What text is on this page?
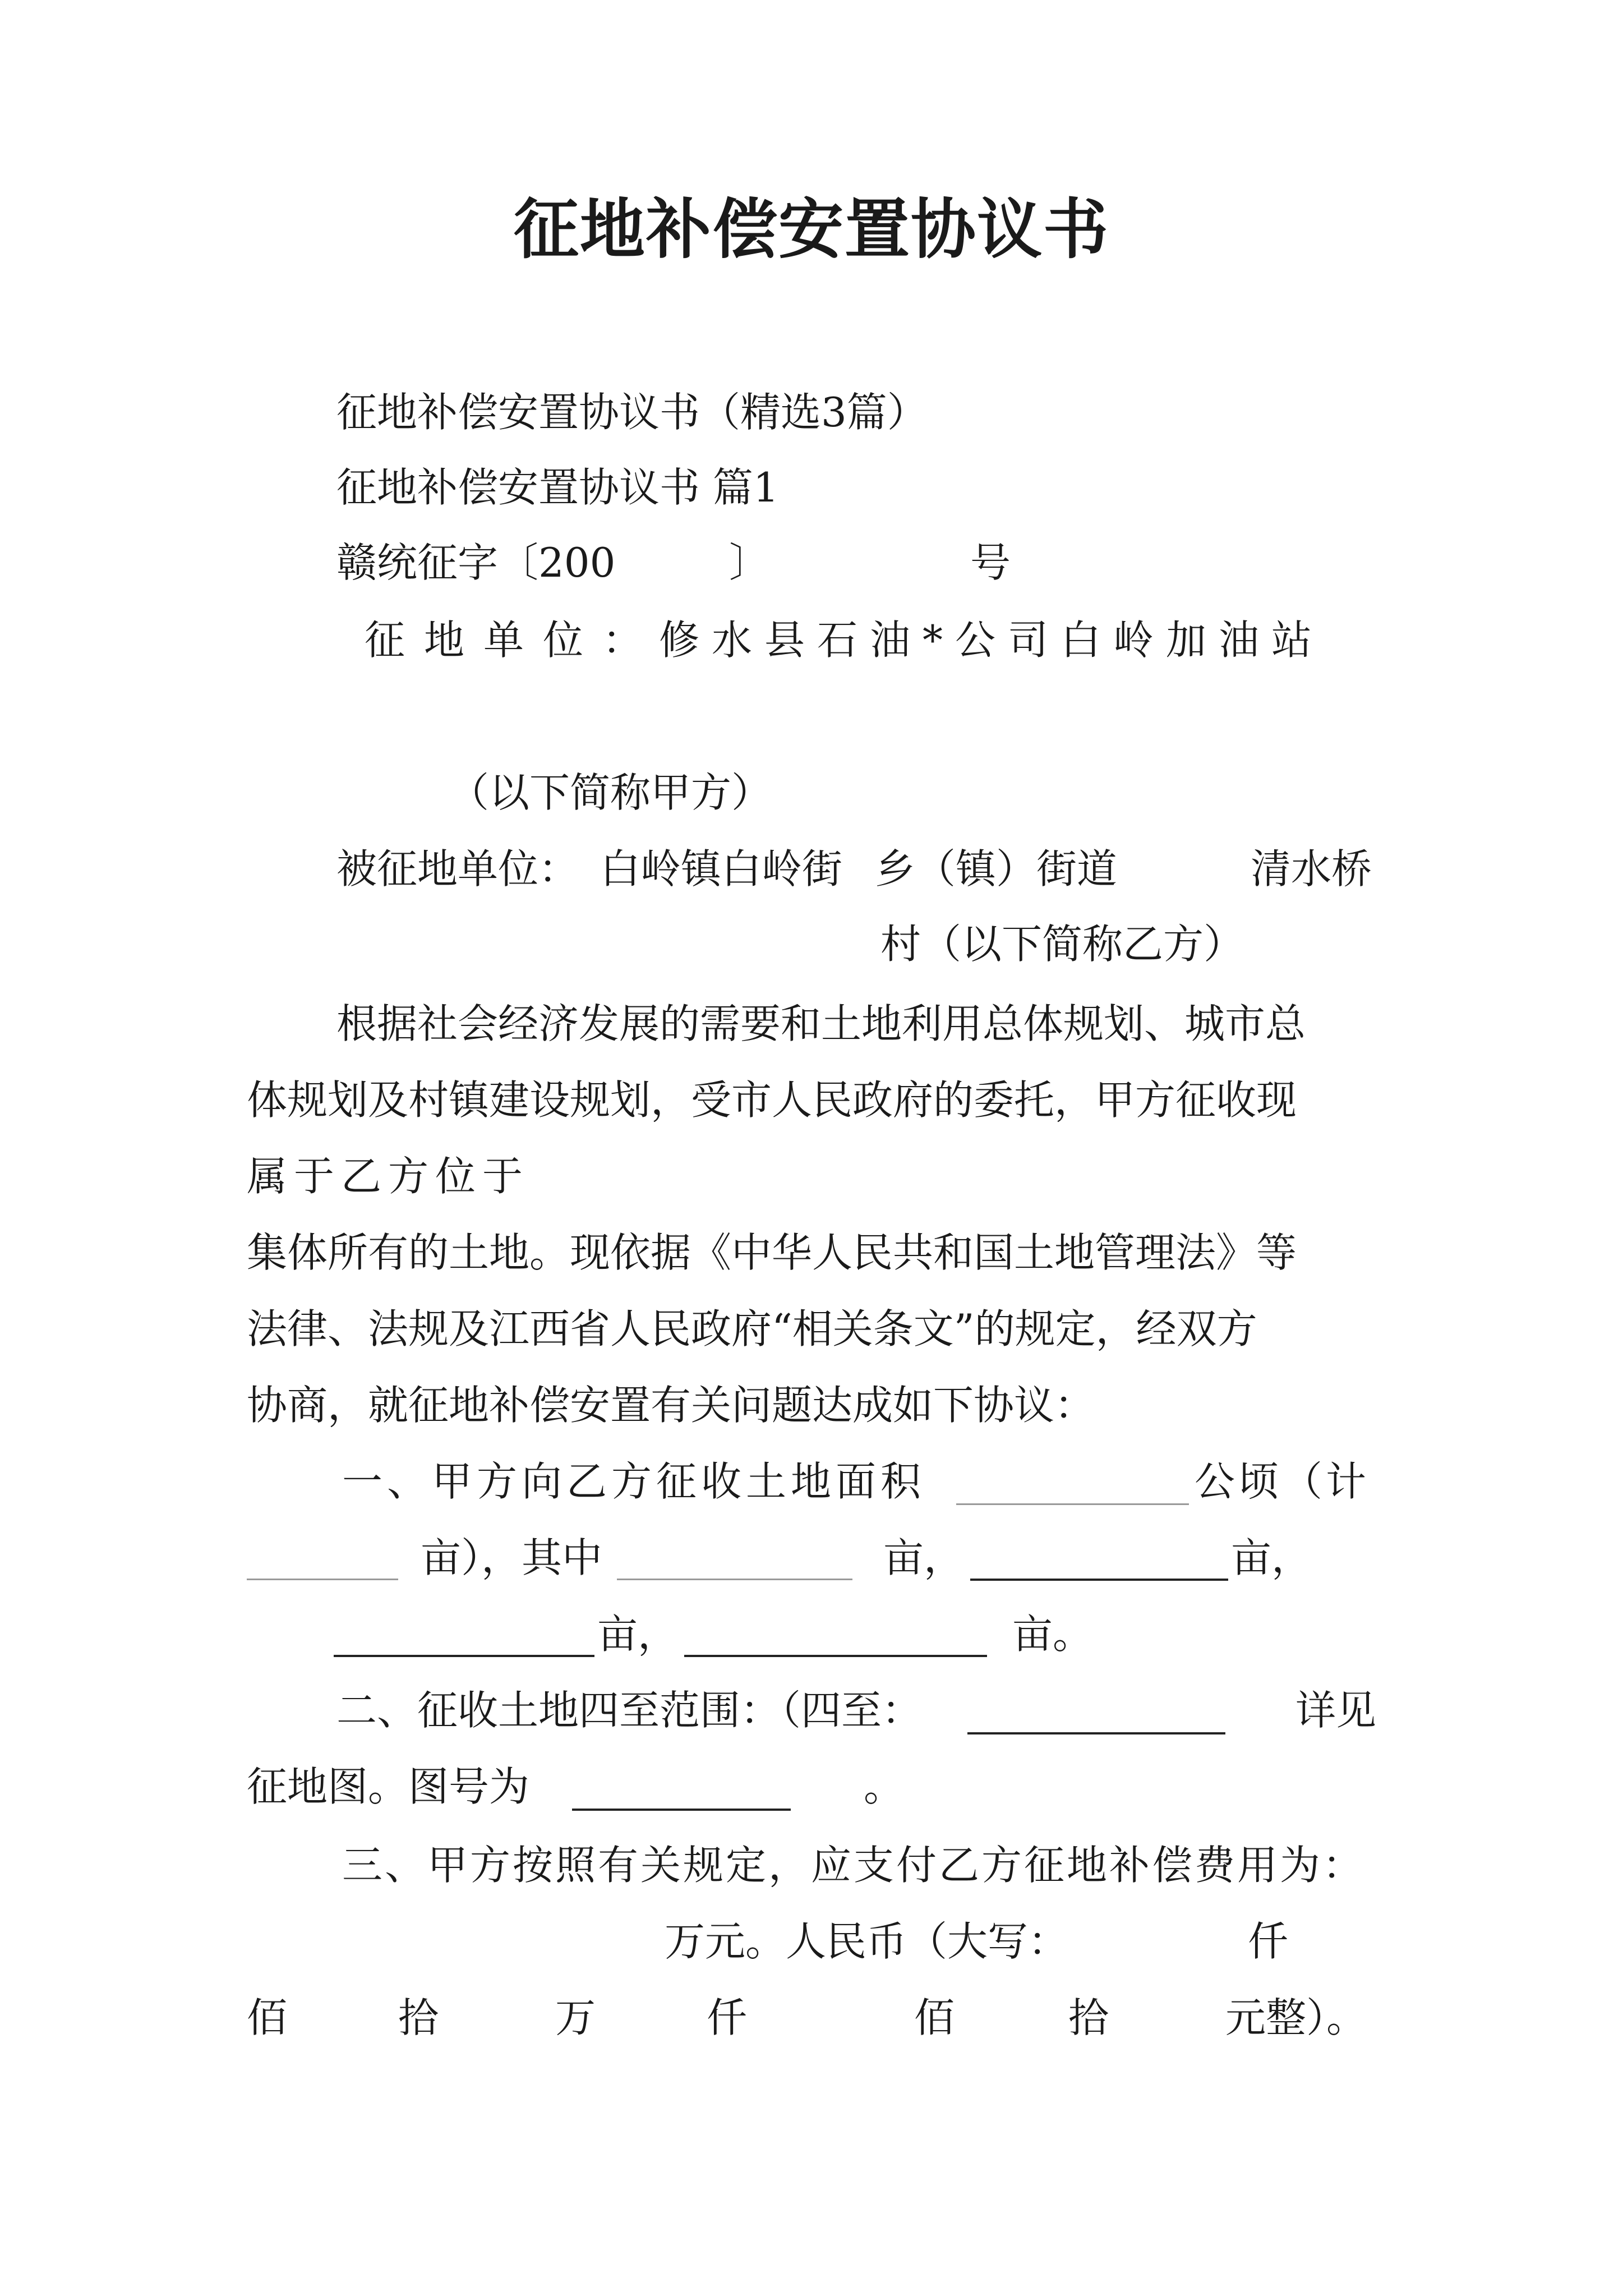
征地补偿安置协议书
征地补偿安置协议书（精选3篇）
征地补偿安置协议书 篇1
赣统征字〔200	〕	号
征地单位：
修水县石油*公司白岭加油站
（以下简称甲方）
被征地单位： 白岭镇白岭街 乡（镇）街道	清水桥
村（以下简称乙方）
根据社会经济发展的需要和土地利用总体规划、城市总
体规划及村镇建设规划，受市人民政府的委托，甲方征收现
属于乙方位于
集体所有的土地。现依据《中华人民共和国土地管理法》等
法律、法规及江西省人民政府“相关条文”的规定，经双方
协商，就征地补偿安置有关问题达成如下协议：
一、甲方向乙方征收土地面积	公顷（计
亩），其中	亩，	亩，
亩，	亩。
二、征收土地四至范围：（四至：	详见
征地图。图号为	。
三、甲方按照有关规定，应支付乙方征地补偿费用为：
万元。人民币（大写：	仟
佰	拾	万	仟	佰	拾	元整）。
